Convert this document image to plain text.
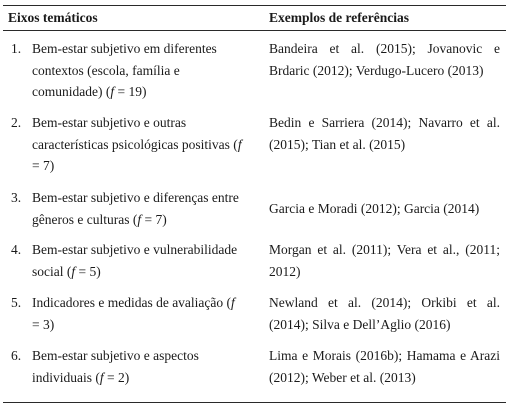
Eixos temáticos	Exemplos de referências
1. Bem-estar subjetivo em diferentes contextos (escola, família e comunidade) (f = 19)
Bandeira et al. (2015); Jovanovic e
Brdaric (2012); Verdugo-Lucero (2013)
2. Bem-estar subjetivo e outras características psicológicas positivas (f = 7)
Bedin e Sarriera (2014); Navarro et al.
(2015); Tian et al. (2015)
3. Bem-estar subjetivo e diferenças entre gêneros e culturas (f = 7)
Garcia e Moradi (2012); Garcia (2014)
4. Bem-estar subjetivo e vulnerabilidade social (f = 5)
Morgan et al. (2011); Vera et al., (2011;
2012)
5. Indicadores e medidas de avaliação (f = 3)
Newland et al. (2014); Orkibi et al.
(2014); Silva e Dell’Aglio (2016)
6. Bem-estar subjetivo e aspectos individuais (f = 2)
Lima e Morais (2016b); Hamama e Arazi
(2012); Weber et al. (2013)
